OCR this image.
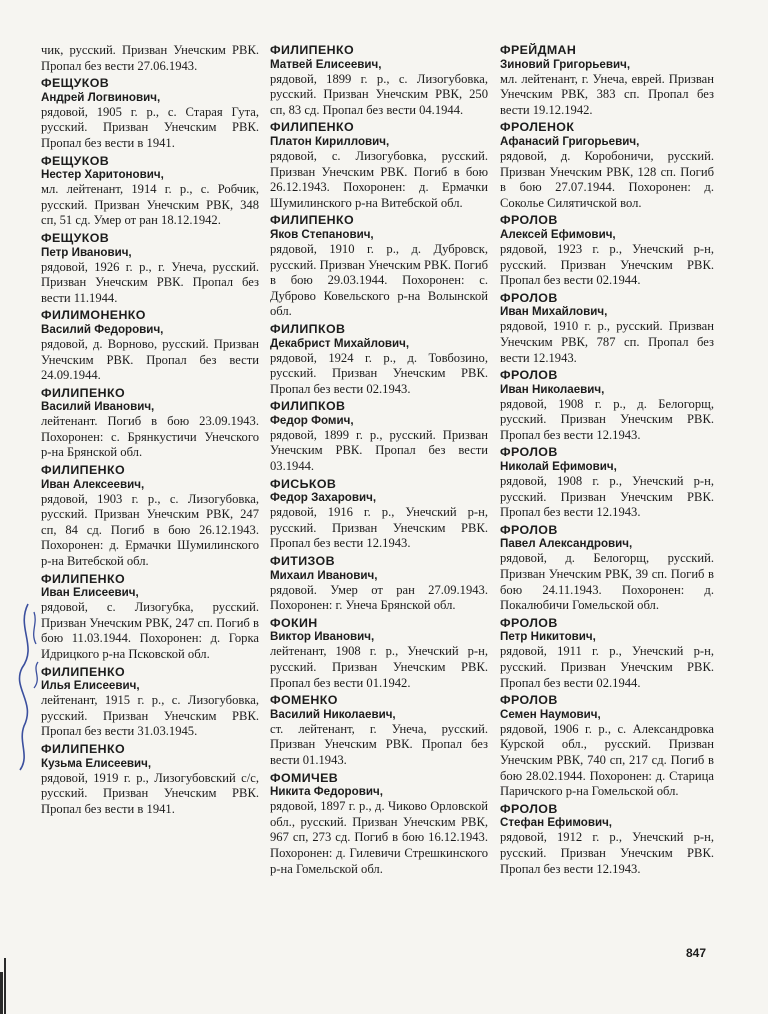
чик, русский. Призван Унечским РВК. Пропал без вести 27.06.1943.
ФЕЩУКОВ
Андрей Логвинович,
рядовой, 1905 г. р., с. Старая Гута, русский. Призван Унечским РВК. Пропал без вести в 1941.
ФЕЩУКОВ
Нестер Харитонович,
мл. лейтенант, 1914 г. р., с. Робчик, русский. Призван Унечским РВК, 348 сп, 51 сд. Умер от ран 18.12.1942.
ФЕЩУКОВ
Петр Иванович,
рядовой, 1926 г. р., г. Унеча, русский. Призван Унечским РВК. Пропал без вести 11.1944.
ФИЛИМОНЕНКО
Василий Федорович,
рядовой, д. Ворновo, русский. Призван Унечским РВК. Пропал без вести 24.09.1944.
ФИЛИПЕНКО
Василий Иванович,
лейтенант. Погиб в бою 23.09.1943. Похоронен: с. Брянкустичи Унечского р-на Брянской обл.
ФИЛИПЕНКО
Иван Алексеевич,
рядовой, 1903 г. р., с. Лизогубовка, русский. Призван Унечским РВК, 247 сп, 84 сд. Погиб в бою 26.12.1943. Похоронен: д. Ермачки Шумилинского р-на Витебской обл.
ФИЛИПЕНКО
Иван Елисеевич,
рядовой, с. Лизогубка, русский. Призван Унечским РВК, 247 сп. Погиб в бою 11.03.1944. Похоронен: д. Горка Идрицкого р-на Псковской обл.
ФИЛИПЕНКО
Илья Елисеевич,
лейтенант, 1915 г. р., с. Лизогубовка, русский. Призван Унечским РВК. Пропал без вести 31.03.1945.
ФИЛИПЕНКО
Кузьма Елисеевич,
рядовой, 1919 г. р., Лизогубовский с/с, русский. Призван Унечским РВК. Пропал без вести в 1941.
ФИЛИПЕНКО
Матвей Елисеевич,
рядовой, 1899 г. р., с. Лизогубовка, русский. Призван Унечским РВК, 250 сп, 83 сд. Пропал без вести 04.1944.
ФИЛИПЕНКО
Платон Кириллович,
рядовой, с. Лизогубовка, русский. Призван Унечским РВК. Погиб в бою 26.12.1943. Похоронен: д. Ермачки Шумилинского р-на Витебской обл.
ФИЛИПЕНКО
Яков Степанович,
рядовой, 1910 г. р., д. Дубровск, русский. Призван Унечским РВК. Погиб в бою 29.03.1944. Похоронен: с. Дуброво Ковельского р-на Волынской обл.
ФИЛИПКОВ
Декабрист Михайлович,
рядовой, 1924 г. р., д. Товбозино, русский. Призван Унечским РВК. Пропал без вести 02.1943.
ФИЛИПКОВ
Федор Фомич,
рядовой, 1899 г. р., русский. Призван Унечским РВК. Пропал без вести 03.1944.
ФИСЬКОВ
Федор Захарович,
рядовой, 1916 г. р., Унечский р-н, русский. Призван Унечским РВК. Пропал без вести 12.1943.
ФИТИЗОВ
Михаил Иванович,
рядовой. Умер от ран 27.09.1943. Похоронен: г. Унеча Брянской обл.
ФОКИН
Виктор Иванович,
лейтенант, 1908 г. р., Унечский р-н, русский. Призван Унечским РВК. Пропал без вести 01.1942.
ФОМЕНКО
Василий Николаевич,
ст. лейтенант, г. Унеча, русский. Призван Унечским РВК. Пропал без вести 01.1943.
ФОМИЧЕВ
Никита Федорович,
рядовой, 1897 г. р., д. Чиково Орловской обл., русский. Призван Унечским РВК, 967 сп, 273 сд. Погиб в бою 16.12.1943. Похоронен: д. Гилевичи Стрешкинского р-на Гомельской обл.
ФРЕЙДМАН
Зиновий Григорьевич,
мл. лейтенант, г. Унеча, еврей. Призван Унечским РВК, 383 сп. Пропал без вести 19.12.1942.
ФРОЛЕНОК
Афанасий Григорьевич,
рядовой, д. Коробоничи, русский. Призван Унечским РВК, 128 сп. Погиб в бою 27.07.1944. Похоронен: д. Сокольe Силятичской вол.
ФРОЛОВ
Алексей Ефимович,
рядовой, 1923 г. р., Унечский р-н, русский. Призван Унечским РВК. Пропал без вести 02.1944.
ФРОЛОВ
Иван Михайлович,
рядовой, 1910 г. р., русский. Призван Унечским РВК, 787 сп. Пропал без вести 12.1943.
ФРОЛОВ
Иван Николаевич,
рядовой, 1908 г. р., д. Белогорщ, русский. Призван Унечским РВК. Пропал без вести 12.1943.
ФРОЛОВ
Николай Ефимович,
рядовой, 1908 г. р., Унечский р-н, русский. Призван Унечским РВК. Пропал без вести 12.1943.
ФРОЛОВ
Павел Александрович,
рядовой, д. Белогорщ, русский. Призван Унечским РВК, 39 сп. Погиб в бою 24.11.1943. Похоронен: д. Покалюбичи Гомельской обл.
ФРОЛОВ
Петр Никитович,
рядовой, 1911 г. р., Унечский р-н, русский. Призван Унечским РВК. Пропал без вести 02.1944.
ФРОЛОВ
Семен Наумович,
рядовой, 1906 г. р., с. Александровка Курской обл., русский. Призван Унечским РВК, 740 сп, 217 сд. Погиб в бою 28.02.1944. Похоронен: д. Старица Паричского р-на Гомельской обл.
ФРОЛОВ
Стефан Ефимович,
рядовой, 1912 г. р., Унечский р-н, русский. Призван Унечским РВК. Пропал без вести 12.1943.
847
